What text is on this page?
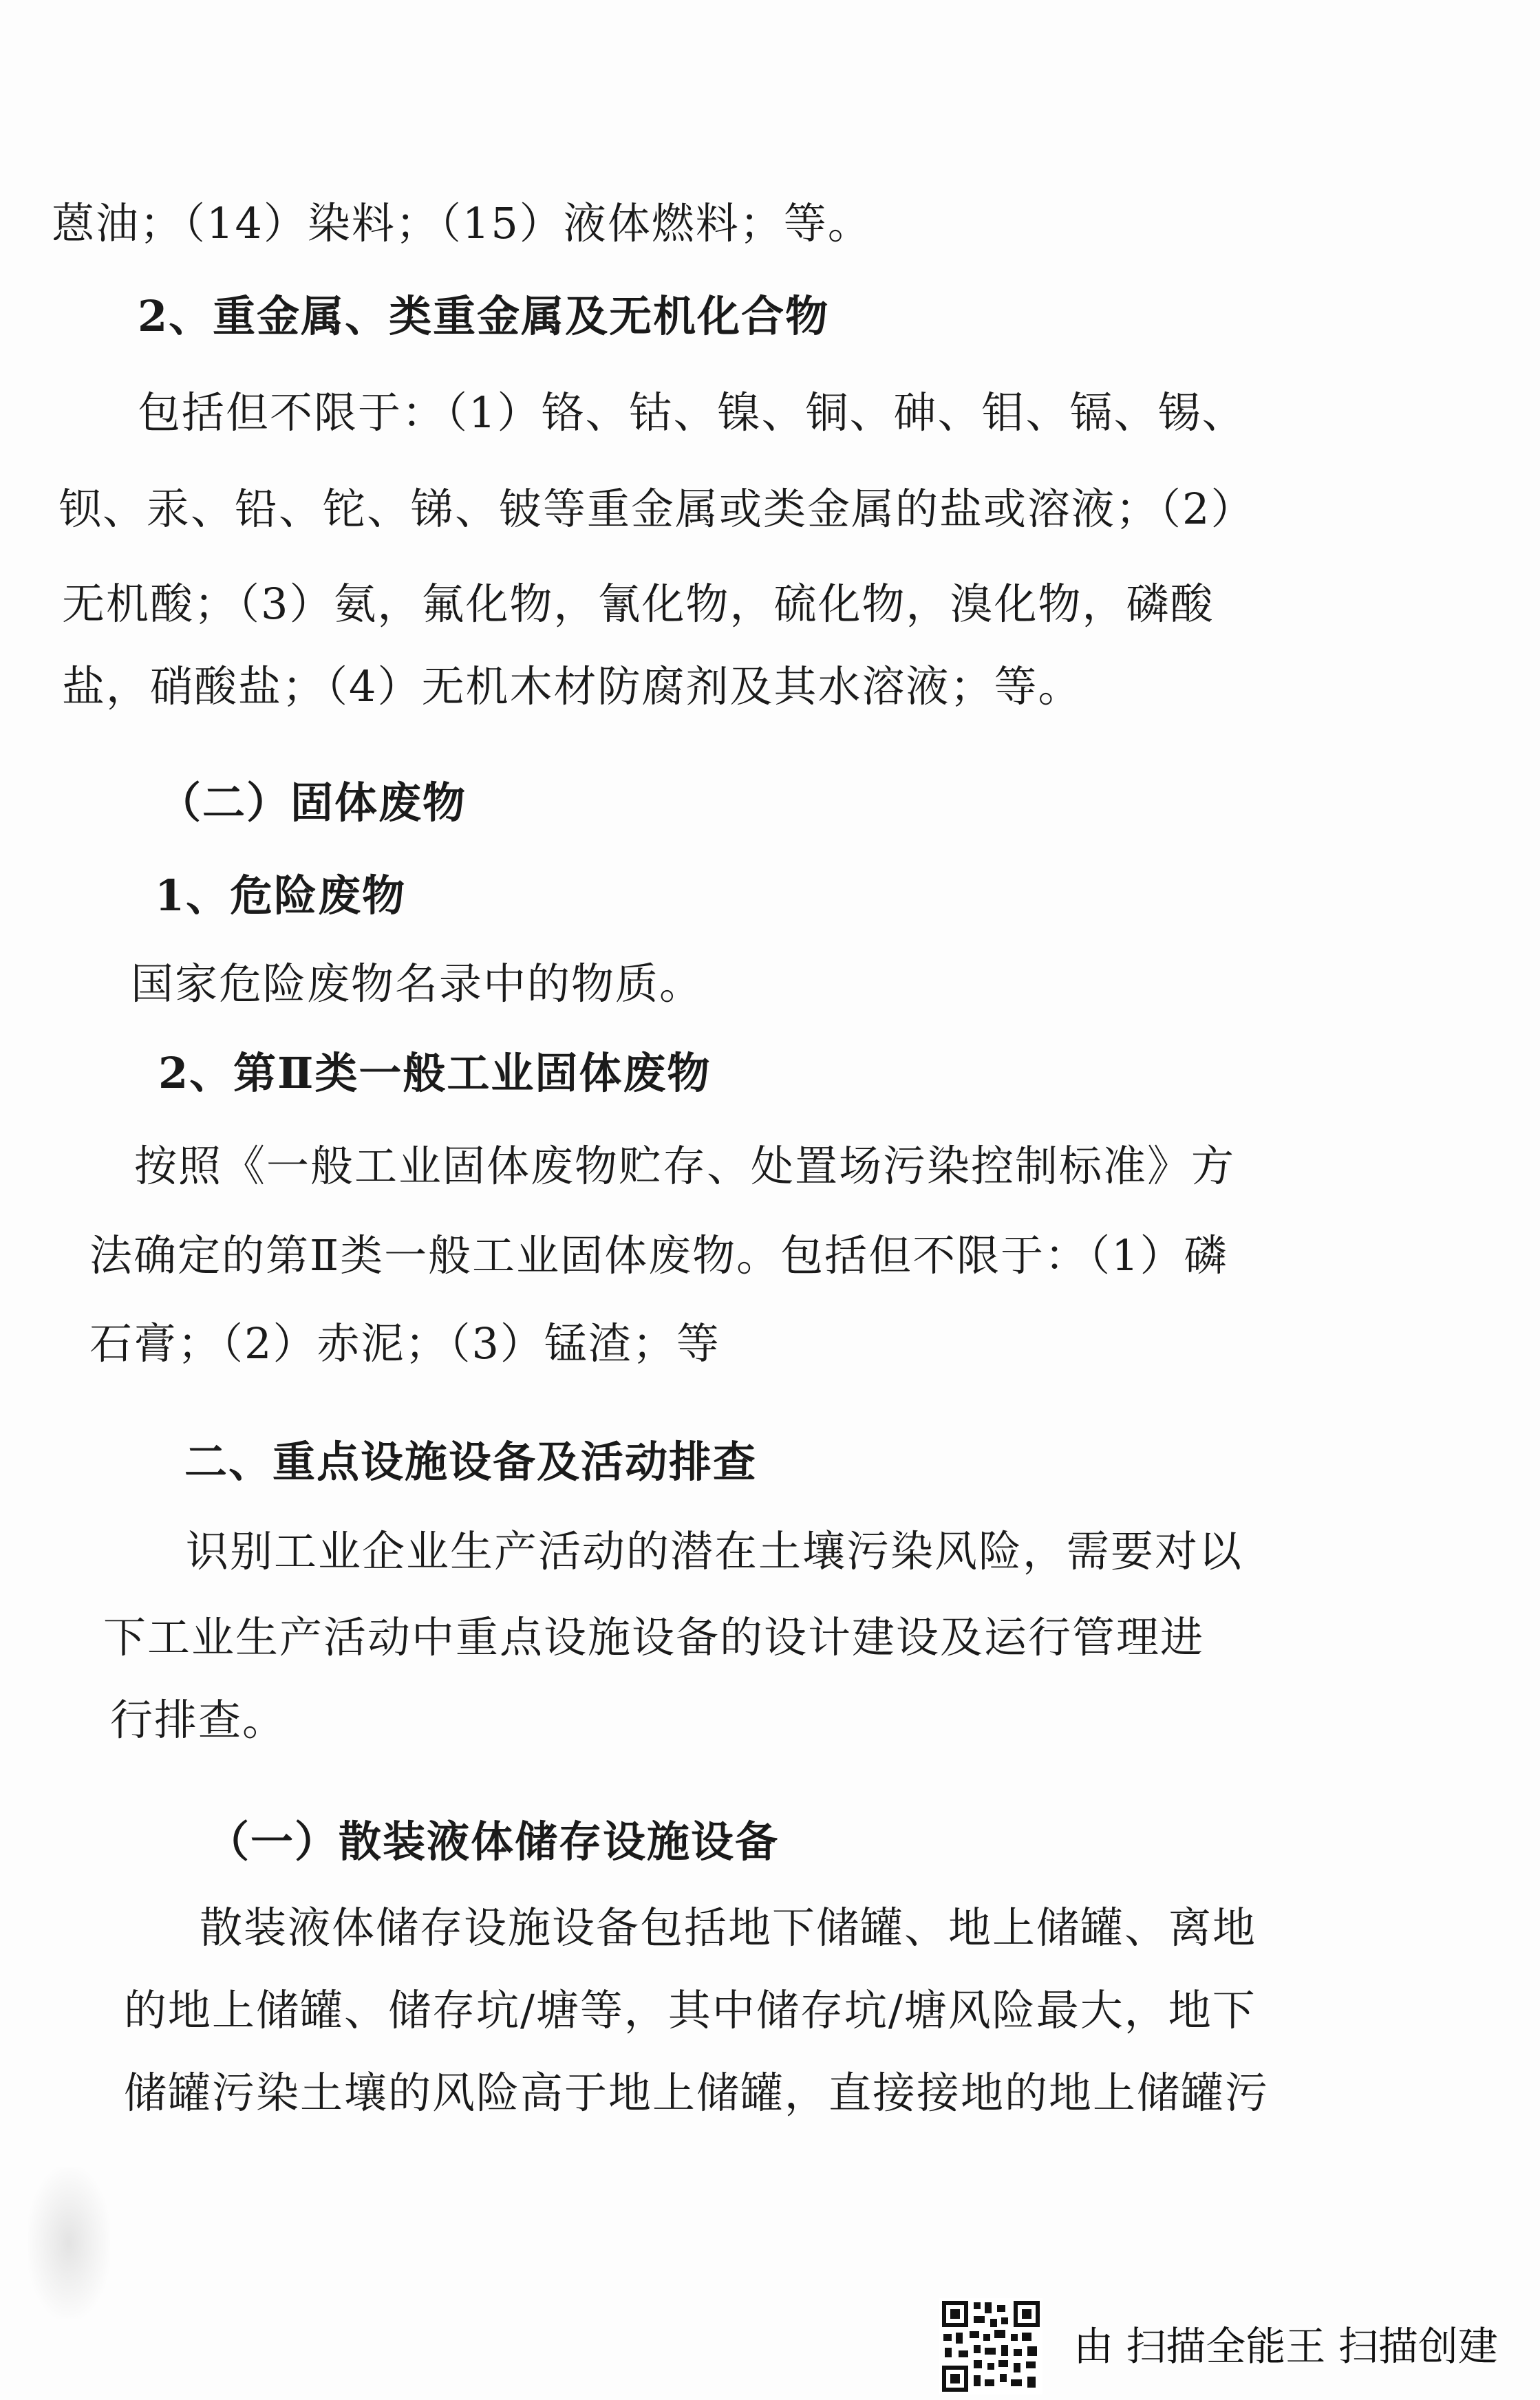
蒽油；（14）染料；（15）液体燃料；等。
2、重金属、类重金属及无机化合物
包括但不限于：（1）铬、钴、镍、铜、砷、钼、镉、锡、
钡、汞、铅、铊、锑、铍等重金属或类金属的盐或溶液；（2）
无机酸；（3）氨，氟化物，氰化物，硫化物，溴化物，磷酸
盐，硝酸盐；（4）无机木材防腐剂及其水溶液；等。
（二）固体废物
1、危险废物
国家危险废物名录中的物质。
2、第Ⅱ类一般工业固体废物
按照《一般工业固体废物贮存、处置场污染控制标准》方
法确定的第Ⅱ类一般工业固体废物。包括但不限于：（1）磷
石膏；（2）赤泥；（3）锰渣；等
二、重点设施设备及活动排查
识别工业企业生产活动的潜在土壤污染风险，需要对以
下工业生产活动中重点设施设备的设计建设及运行管理进
行排查。
（一）散装液体储存设施设备
散装液体储存设施设备包括地下储罐、地上储罐、离地
的地上储罐、储存坑/塘等，其中储存坑/塘风险最大，地下
储罐污染土壤的风险高于地上储罐，直接接地的地上储罐污
由 扫描全能王 扫描创建
